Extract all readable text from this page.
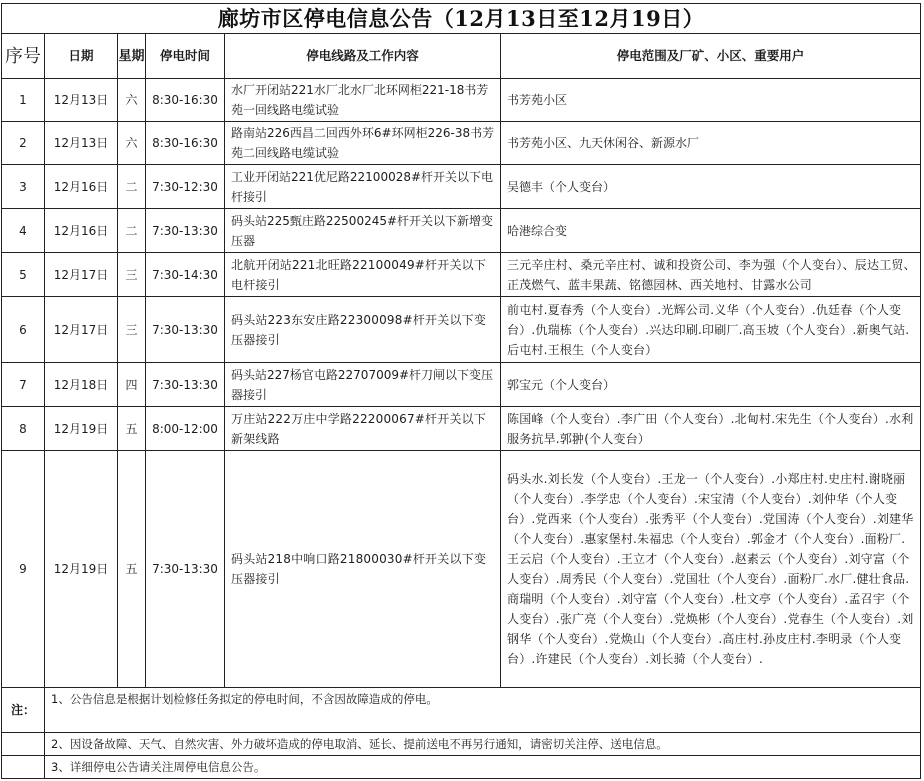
廊坊市区停电信息公告（12月13日至12月19日）					
序号	日期	星期	停电时间	停电线路及工作内容	停电范围及厂矿、小区、重要用户
1	12月13日	六	8:30-16:30	水厂开闭站221水厂北水厂北环网柜221-18书芳苑一回线路电缆试验	书芳苑小区
2	12月13日	六	8:30-16:30	路南站226西昌二回西外环6#环网柜226-38书芳苑二回线路电缆试验	书芳苑小区、九天休闲谷、新源水厂
3	12月16日	二	7:30-12:30	工业开闭站221优尼路22100028#杆开关以下电杆接引	吴德丰（个人变台）
4	12月16日	二	7:30-13:30	码头站225甄庄路22500245#杆开关以下新增变压器	哈港综合变
5	12月17日	三	7:30-14:30	北航开闭站221北旺路22100049#杆开关以下电杆接引	三元辛庄村、桑元辛庄村、诚和投资公司、李为强（个人变台）、辰达工贸、正茂燃气、蓝丰果蔬、铭德园林、西关地村、甘露水公司
6	12月17日	三	7:30-13:30	码头站223东安庄路22300098#杆开关以下变压器接引	前屯村.夏春秀（个人变台）.光辉公司.义华（个人变台）.仇廷春（个人变台）.仇瑞栋（个人变台）.兴达印刷.印刷厂.高玉坡（个人变台）.新奥气站.后屯村.王根生（个人变台）
7	12月18日	四	7:30-13:30	码头站227杨官屯路22707009#杆刀闸以下变压器接引	郭宝元（个人变台）
8	12月19日	五	8:00-12:00	万庄站222万庄中学路22200067#杆开关以下新架线路	陈国峰（个人变台）.李广田（个人变台）.北甸村.宋先生（个人变台）.水利服务抗旱.郭翀(个人变台）
9	12月19日	五	7:30-13:30	码头站218中响口路21800030#杆开关以下变压器接引	码头水.刘长发（个人变台）.王龙一（个人变台）.小郑庄村.史庄村.谢晓丽（个人变台）.李学忠（个人变台）.宋宝清（个人变台）.刘仲华（个人变台）.党西来（个人变台）.张秀平（个人变台）.党国涛（个人变台）.刘建华（个人变台）.惠家堡村.朱福忠（个人变台）.郭金才（个人变台）.面粉厂.王云启（个人变台）.王立才（个人变台）.赵素云（个人变台）.刘守富（个人变台）.周秀民（个人变台）.党国壮（个人变台）.面粉厂.水厂.健壮食品.商瑞明（个人变台）.刘守富（个人变台）.杜文亭（个人变台）.孟召宇（个人变台）.张广亮（个人变台）.党焕彬（个人变台）.党春生（个人变台）.刘钢华（个人变台）.党焕山（个人变台）.高庄村.孙皮庄村.李明录（个人变台）.许建民（个人变台）.刘长骑（个人变台）.
注：	1、公告信息是根据计划检修任务拟定的停电时间，不含因故障造成的停电。				
	2、因设备故障、天气、自然灾害、外力破坏造成的停电取消、延长、提前送电不再另行通知，请密切关注停、送电信息。				
	3、详细停电公告请关注周停电信息公告。				
